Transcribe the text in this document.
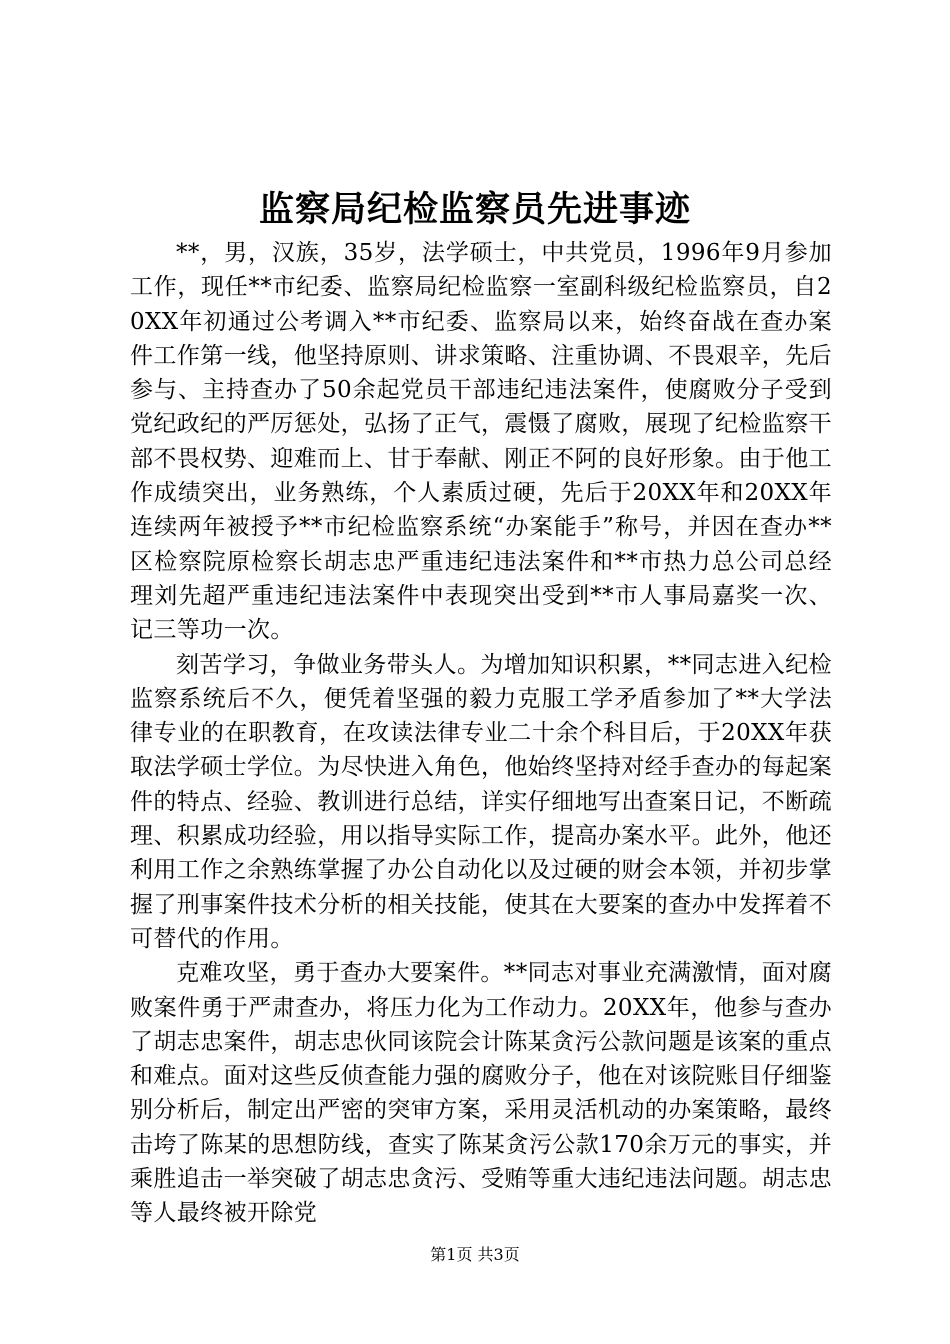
监察局纪检监察员先进事迹

**，男，汉族，35岁，法学硕士，中共党员，1996年9月参加工作，现任**市纪委、监察局纪检监察一室副科级纪检监察员，自20XX年初通过公考调入**市纪委、监察局以来，始终奋战在查办案件工作第一线，他坚持原则、讲求策略、注重协调、不畏艰辛，先后参与、主持查办了50余起党员干部违纪违法案件，使腐败分子受到党纪政纪的严厉惩处，弘扬了正气，震慑了腐败，展现了纪检监察干部不畏权势、迎难而上、甘于奉献、刚正不阿的良好形象。由于他工作成绩突出，业务熟练，个人素质过硬，先后于20XX年和20XX年连续两年被授予**市纪检监察系统“办案能手”称号，并因在查办**区检察院原检察长胡志忠严重违纪违法案件和**市热力总公司总经理刘先超严重违纪违法案件中表现突出受到**市人事局嘉奖一次、记三等功一次。

刻苦学习，争做业务带头人。为增加知识积累，**同志进入纪检监察系统后不久，便凭着坚强的毅力克服工学矛盾参加了**大学法律专业的在职教育，在攻读法律专业二十余个科目后，于20XX年获取法学硕士学位。为尽快进入角色，他始终坚持对经手查办的每起案件的特点、经验、教训进行总结，详实仔细地写出查案日记，不断疏理、积累成功经验，用以指导实际工作，提高办案水平。此外，他还利用工作之余熟练掌握了办公自动化以及过硬的财会本领，并初步掌握了刑事案件技术分析的相关技能，使其在大要案的查办中发挥着不可替代的作用。

克难攻坚，勇于查办大要案件。**同志对事业充满激情，面对腐败案件勇于严肃查办，将压力化为工作动力。20XX年，他参与查办了胡志忠案件，胡志忠伙同该院会计陈某贪污公款问题是该案的重点和难点。面对这些反侦查能力强的腐败分子，他在对该院账目仔细鉴别分析后，制定出严密的突审方案，采用灵活机动的办案策略，最终击垮了陈某的思想防线，查实了陈某贪污公款170余万元的事实，并乘胜追击一举突破了胡志忠贪污、受贿等重大违纪违法问题。胡志忠等人最终被开除党

第1页 共3页
